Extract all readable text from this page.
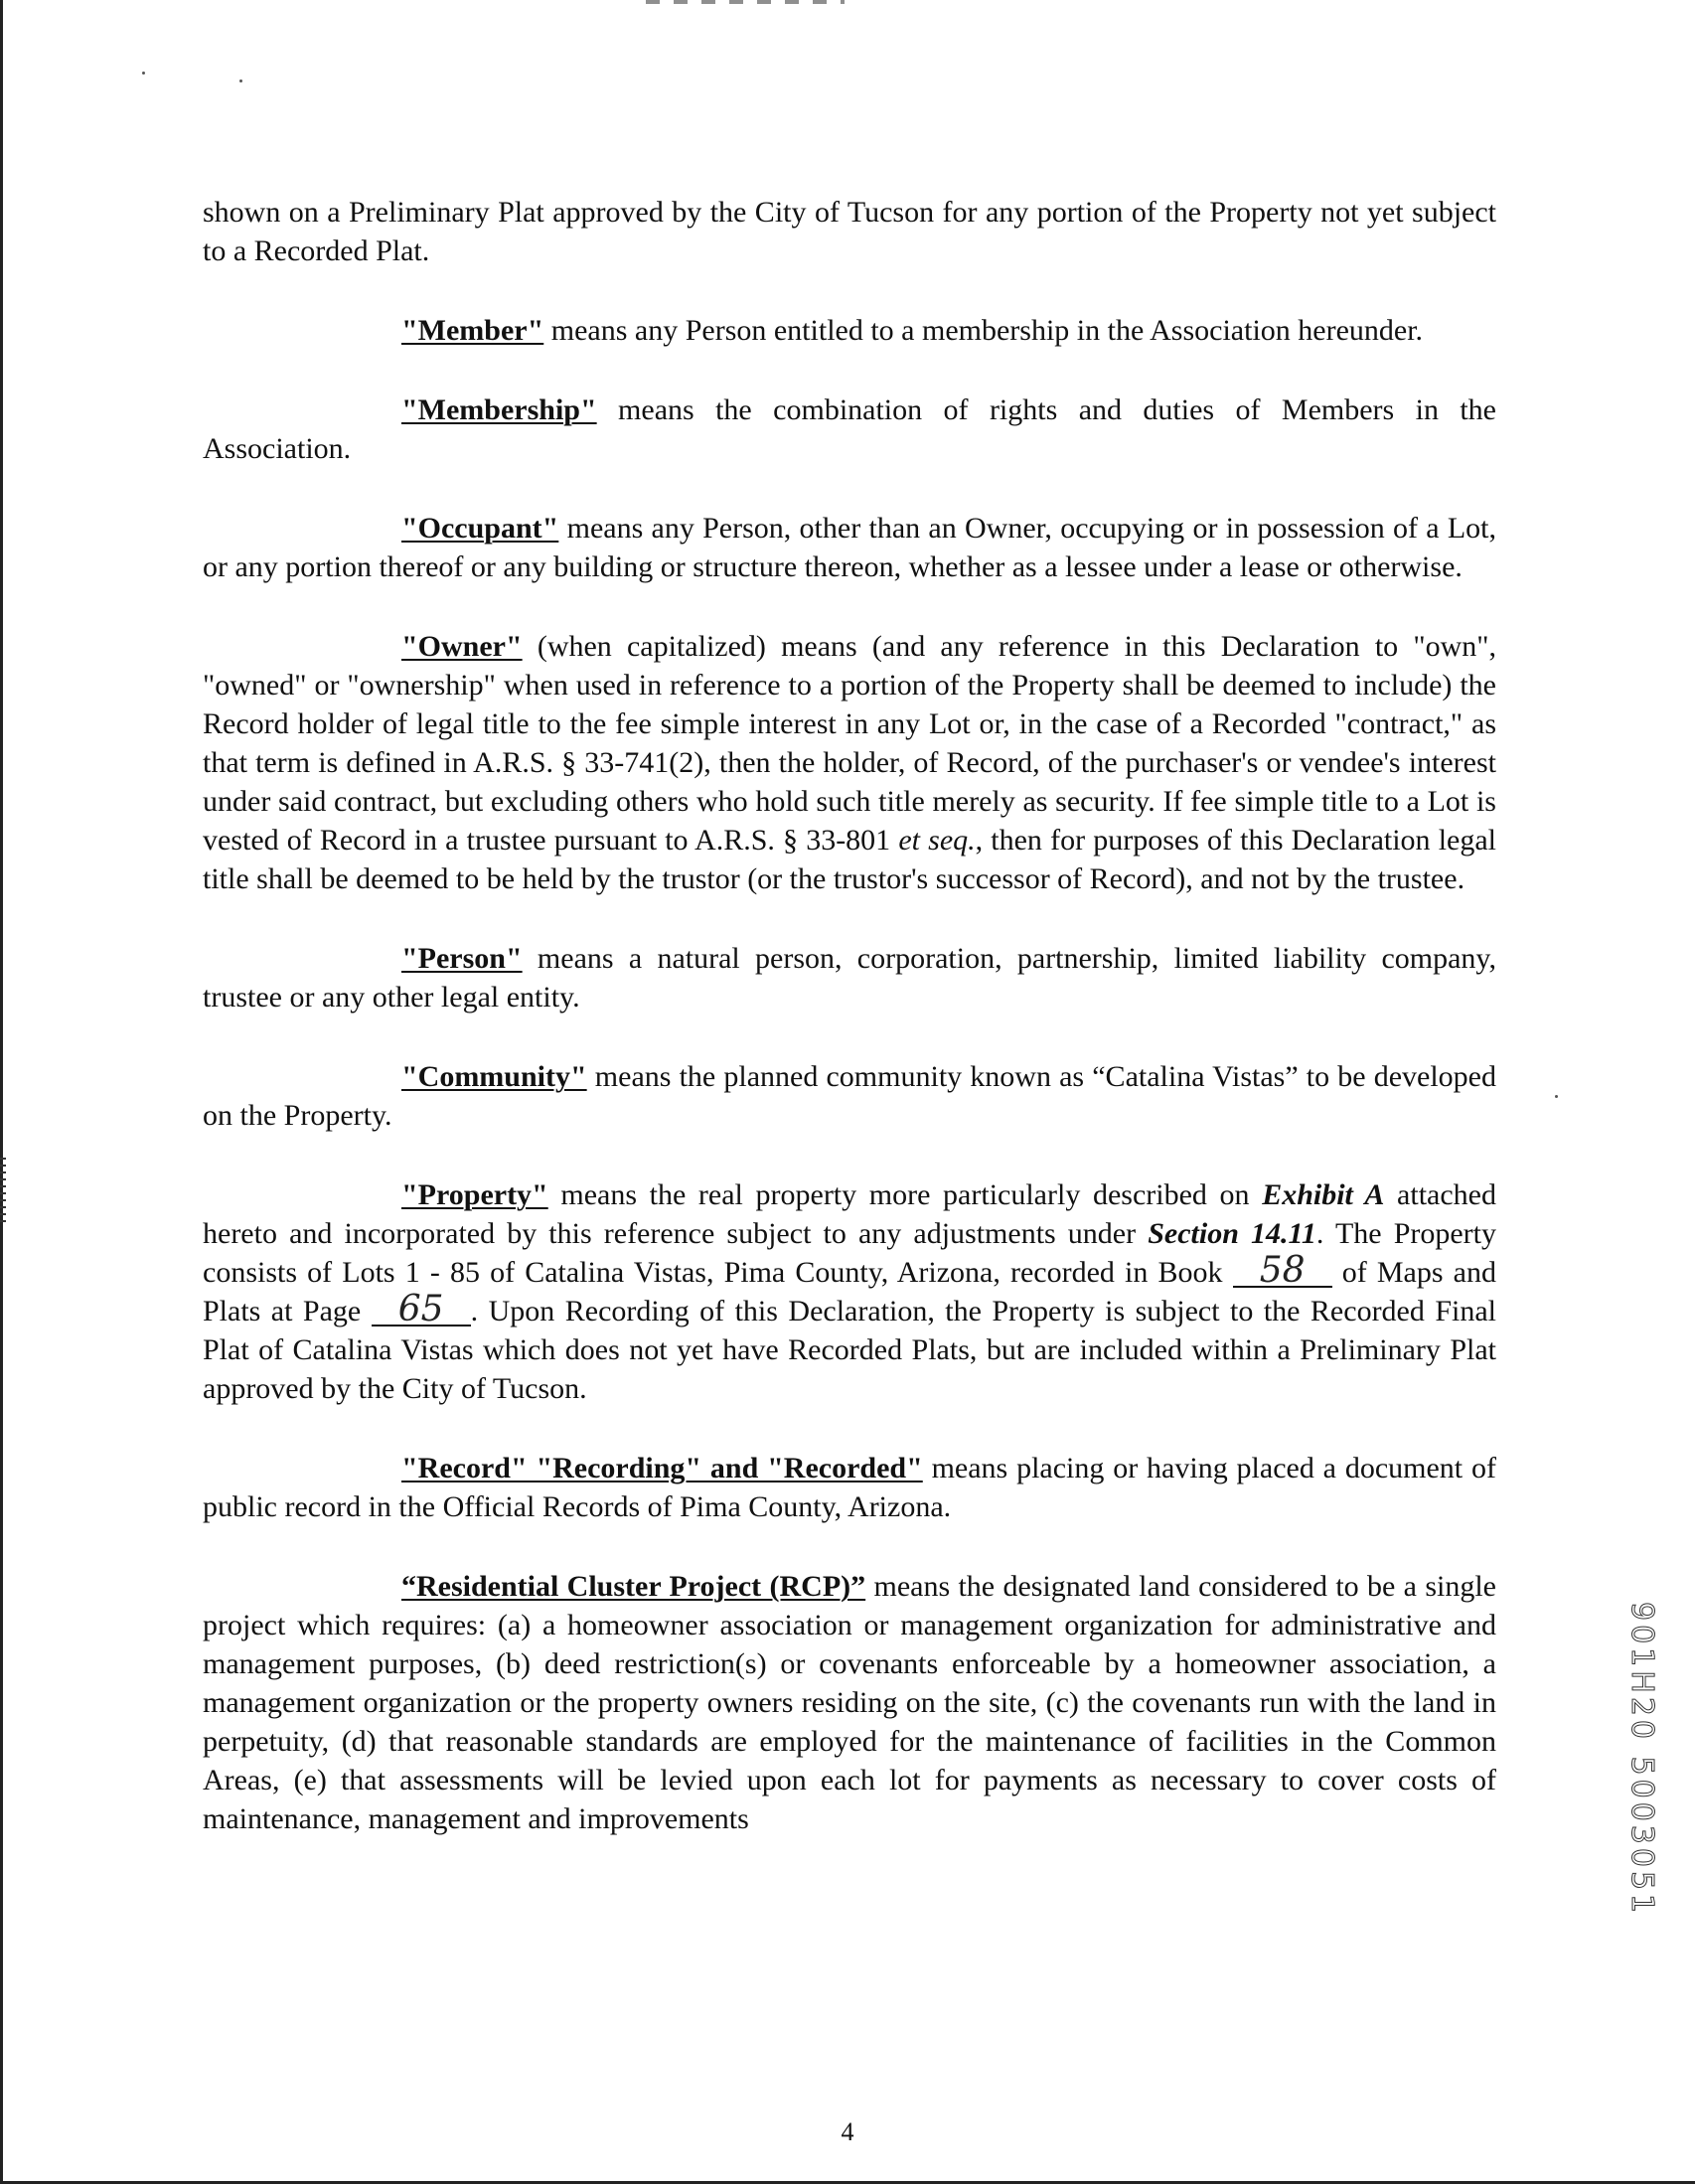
shown on a Preliminary Plat approved by the City of Tucson for any portion of the Property not yet subject to a Recorded Plat.

"Member" means any Person entitled to a membership in the Association hereunder.

"Membership" means the combination of rights and duties of Members in the Association.

"Occupant" means any Person, other than an Owner, occupying or in possession of a Lot, or any portion thereof or any building or structure thereon, whether as a lessee under a lease or otherwise.

"Owner" (when capitalized) means (and any reference in this Declaration to "own", "owned" or "ownership" when used in reference to a portion of the Property shall be deemed to include) the Record holder of legal title to the fee simple interest in any Lot or, in the case of a Recorded "contract," as that term is defined in A.R.S. § 33-741(2), then the holder, of Record, of the purchaser's or vendee's interest under said contract, but excluding others who hold such title merely as security. If fee simple title to a Lot is vested of Record in a trustee pursuant to A.R.S. § 33-801 et seq., then for purposes of this Declaration legal title shall be deemed to be held by the trustor (or the trustor's successor of Record), and not by the trustee.

"Person" means a natural person, corporation, partnership, limited liability company, trustee or any other legal entity.

"Community" means the planned community known as “Catalina Vistas” to be developed on the Property.

"Property" means the real property more particularly described on Exhibit A attached hereto and incorporated by this reference subject to any adjustments under Section 14.11. The Property consists of Lots 1 - 85 of Catalina Vistas, Pima County, Arizona, recorded in Book 58 of Maps and Plats at Page 65 . Upon Recording of this Declaration, the Property is subject to the Recorded Final Plat of Catalina Vistas which does not yet have Recorded Plats, but are included within a Preliminary Plat approved by the City of Tucson.

"Record" "Recording" and "Recorded" means placing or having placed a document of public record in the Official Records of Pima County, Arizona.

“Residential Cluster Project (RCP)” means the designated land considered to be a single project which requires: (a) a homeowner association or management organization for administrative and management purposes, (b) deed restriction(s) or covenants enforceable by a homeowner association, a management organization or the property owners residing on the site, (c) the covenants run with the land in perpetuity, (d) that reasonable standards are employed for the maintenance of facilities in the Common Areas, (e) that assessments will be levied upon each lot for payments as necessary to cover costs of maintenance, management and improvements

4
901H20 5003051
